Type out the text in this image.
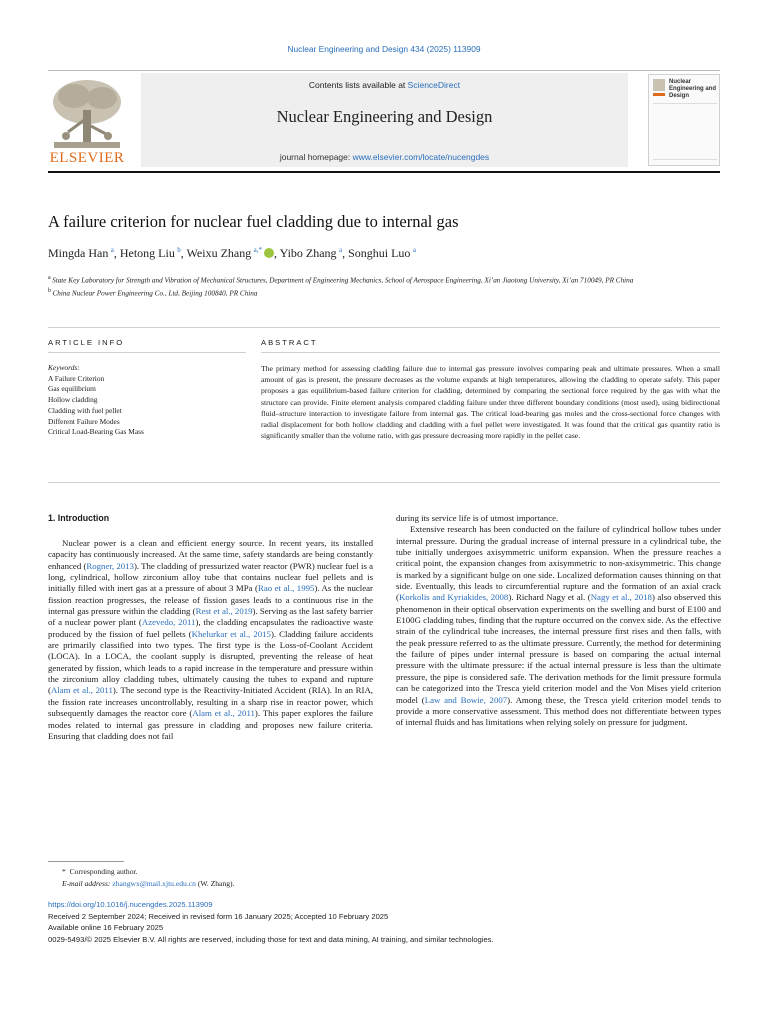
Nuclear Engineering and Design 434 (2025) 113909
ELSEVIER
Contents lists available at ScienceDirect
Nuclear Engineering and Design
journal homepage: www.elsevier.com/locate/nucengdes
Nuclear Engineering and Design
A failure criterion for nuclear fuel cladding due to internal gas
Mingda Han  $^a$, Hetong Liu  $^b$, Weixu Zhang  $^{a,*}$ , Yibo Zhang  $^a$, Songhui Luo  $^a$
$^a$ State Key Laboratory for Strength and Vibration of Mechanical Structures, Department of Engineering Mechanics, School of Aerospace Engineering, Xi’an Jiaotong University, Xi’an 710049, PR China
$^b$ China Nuclear Power Engineering Co., Ltd, Beijing 100840, PR China
ARTICLE INFO	ABSTRACT
Keywords:
A Failure Criterion
Gas equilibrium
Hollow cladding
Cladding with fuel pellet
Different Failure Modes
Critical Load-Bearing Gas Mass
The primary method for assessing cladding failure due to internal gas pressure involves comparing peak and ultimate pressures. When a small amount of gas is present, the pressure decreases as the volume expands at high temperatures, allowing the cladding to operate safely. This paper proposes a gas equilibrium-based failure criterion for cladding, determined by comparing the sectional force required by the gas with what the structure can provide. Finite element analysis compared cladding failure under three different boundary conditions (most used), using bidirectional fluid–structure interaction to investigate failure from internal gas. The critical load-bearing gas moles and the cross-sectional force changes with radial displacement for both hollow cladding and cladding with a fuel pellet were investigated. It was found that the critical gas quantity ratio is significantly smaller than the volume ratio, with gas pressure decreasing more rapidly in the pellet case.
1. Introduction

Nuclear power is a clean and efficient energy source. In recent years, its installed capacity has continuously increased. At the same time, safety standards are being constantly enhanced (Rogner, 2013). The cladding of pressurized water reactor (PWR) nuclear fuel is a long, cylindrical, hollow zirconium alloy tube that contains nuclear fuel pellets and is initially filled with inert gas at a pressure of about 3 MPa (Rao et al., 1995). As the nuclear fission reaction progresses, the release of fission gases leads to a continuous rise in the internal gas pressure within the cladding (Rest et al., 2019). Serving as the last safety barrier of a nuclear power plant (Azevedo, 2011), the cladding encapsulates the radioactive waste produced by the fission of fuel pellets (Khelurkar et al., 2015). Cladding failure accidents are primarily classified into two types. The first type is the Loss-of-Coolant Accident (LOCA). In a LOCA, the coolant supply is disrupted, preventing the release of heat generated by fission, which leads to a rapid increase in the temperature and pressure within the zirconium alloy cladding tubes, ultimately causing the tubes to expand and rupture (Alam et al., 2011). The second type is the Reactivity-Initiated Accident (RIA). In an RIA, the fission rate increases uncontrollably, resulting in a sharp rise in reactor power, which subsequently damages the reactor core (Alam et al., 2011). This paper explores the failure modes related to internal gas pressure in cladding and proposes new failure criteria. Ensuring that cladding does not fail

during its service life is of utmost importance.

Extensive research has been conducted on the failure of cylindrical hollow tubes under internal pressure. During the gradual increase of internal pressure in a cylindrical tube, the tube initially undergoes axisymmetric uniform expansion. When the pressure reaches a critical point, the expansion changes from axisymmetric to non-axisymmetric. This change is marked by a significant bulge on one side. Localized deformation causes thinning on that side. Eventually, this leads to circumferential rupture and the formation of an axial crack (Korkolis and Kyriakides, 2008). Richard Nagy et al. (Nagy et al., 2018) also observed this phenomenon in their optical observation experiments on the swelling and burst of E100 and E100G cladding tubes, finding that the rupture occurred on the convex side. As the effective strain of the cylindrical tube increases, the internal pressure first rises and then falls, with the peak pressure referred to as the ultimate pressure. Currently, the method for determining the failure of pipes under internal pressure is based on comparing the actual internal pressure with the ultimate pressure: if the actual internal pressure is less than the ultimate pressure, the pipe is considered safe. The derivation methods for the limit pressure formula can be categorized into the Tresca yield criterion model and the Von Mises yield criterion model (Law and Bowie, 2007). Among these, the Tresca yield criterion model tends to provide a more conservative assessment. This method does not differentiate between types of internal fluids and has limitations when relying solely on pressure for judgment.

*  Corresponding author.
E-mail address: zhangwx@mail.xjtu.edu.cn (W. Zhang).
https://doi.org/10.1016/j.nucengdes.2025.113909
Received 2 September 2024; Received in revised form 16 January 2025; Accepted 10 February 2025
Available online 16 February 2025
0029-5493/© 2025 Elsevier B.V. All rights are reserved, including those for text and data mining, AI training, and similar technologies.
